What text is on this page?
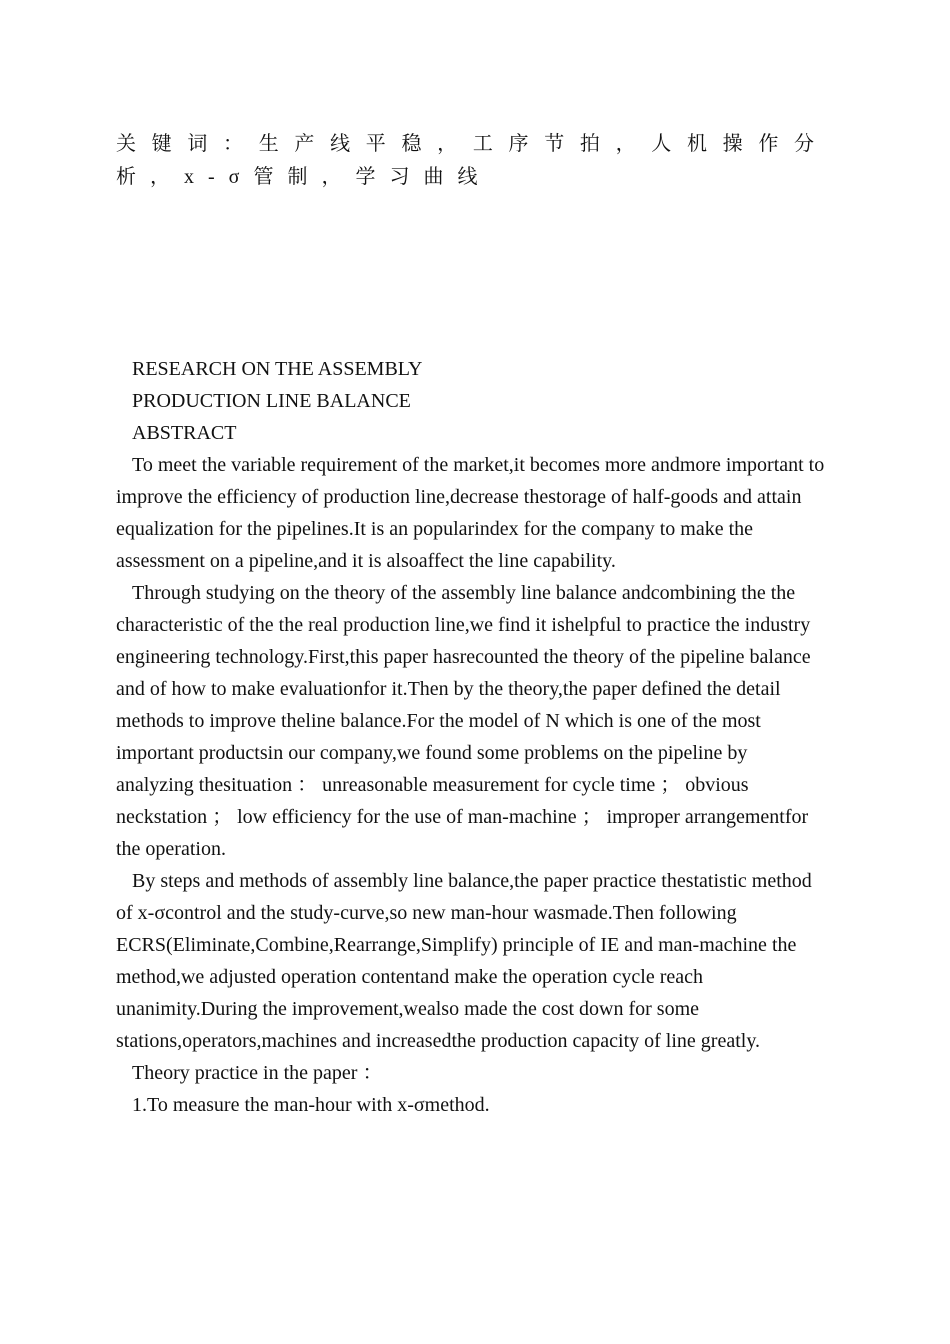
关键词：生产线平稳，工序节拍，人机操作分析，x-σ管制，学习曲线

RESEARCH ON THE ASSEMBLY

PRODUCTION LINE BALANCE

ABSTRACT

To meet the variable requirement of the market,it becomes more andmore important to improve the efficiency of production line,decrease thestorage of half-goods and attain equalization for the pipelines.It is an popularindex for the company to make the assessment on a pipeline,and it is alsoaffect the line capability.

Through studying on the theory of the assembly line balance andcombining the the characteristic of the the real production line,we find it ishelpful to practice the industry engineering technology.First,this paper hasrecounted the theory of the pipeline balance and of how to make evaluationfor it.Then by the theory,the paper defined the detail methods to improve theline balance.For the model of N which is one of the most important productsin our company,we found some problems on the pipeline by analyzing thesituation ： unreasonable measurement for cycle time ； obvious neckstation ； low efficiency for the use of man-machine ； improper arrangementfor the operation.

By steps and methods of assembly line balance,the paper practice thestatistic method of x-σcontrol and the study-curve,so new man-hour wasmade.Then following ECRS(Eliminate,Combine,Rearrange,Simplify) principle of IE and man-machine the method,we adjusted operation contentand make the operation cycle reach unanimity.During the improvement,wealso made the cost down for some stations,operators,machines and increasedthe production capacity of line greatly.

Theory practice in the paper ：

1.To measure the man-hour with x-σmethod.
